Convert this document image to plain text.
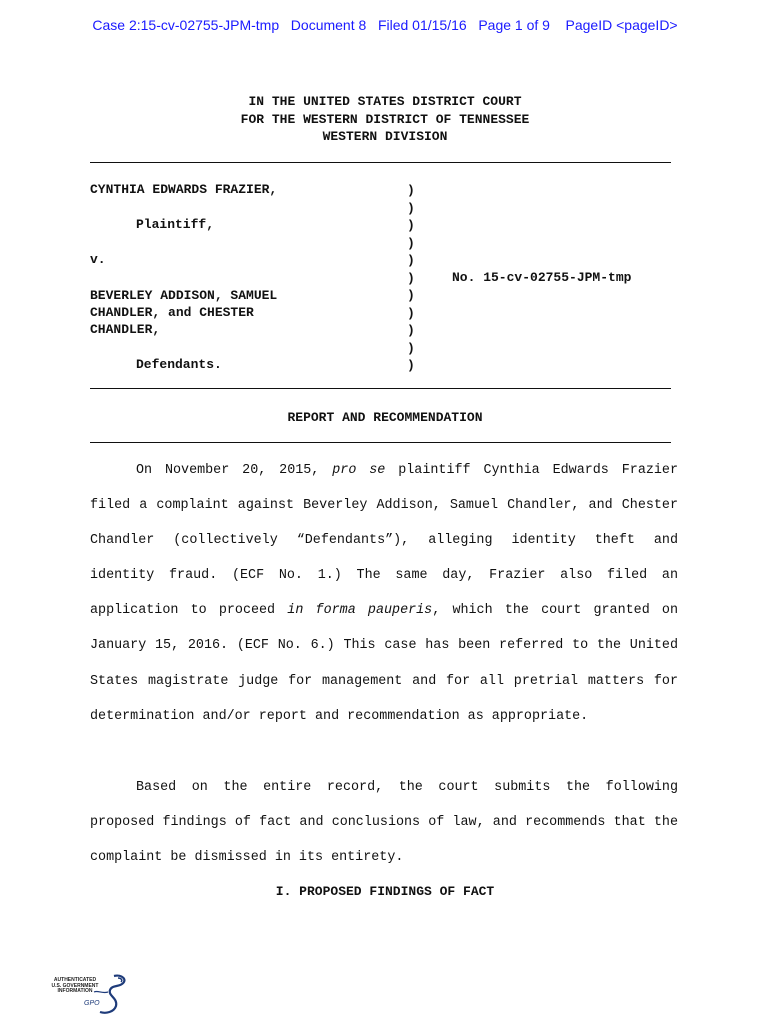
Case 2:15-cv-02755-JPM-tmp   Document 8   Filed 01/15/16   Page 1 of 9    PageID <pageID>
IN THE UNITED STATES DISTRICT COURT
FOR THE WESTERN DISTRICT OF TENNESSEE
WESTERN DIVISION
CYNTHIA EDWARDS FRAZIER,
Plaintiff,
v.
BEVERLEY ADDISON, SAMUEL
CHANDLER, and CHESTER
CHANDLER,
Defendants.
)
)
)
)
)
)
)
)
)
)
)
No. 15-cv-02755-JPM-tmp
REPORT AND RECOMMENDATION
On November 20, 2015, pro se plaintiff Cynthia Edwards Frazier filed a complaint against Beverley Addison, Samuel Chandler, and Chester Chandler (collectively “Defendants”), alleging identity theft and identity fraud. (ECF No. 1.) The same day, Frazier also filed an application to proceed in forma pauperis, which the court granted on January 15, 2016. (ECF No. 6.) This case has been referred to the United States magistrate judge for management and for all pretrial matters for determination and/or report and recommendation as appropriate.
Based on the entire record, the court submits the following proposed findings of fact and conclusions of law, and recommends that the complaint be dismissed in its entirety.
I. PROPOSED FINDINGS OF FACT
AUTHENTICATED
U.S. GOVERNMENT
INFORMATION
GPO
